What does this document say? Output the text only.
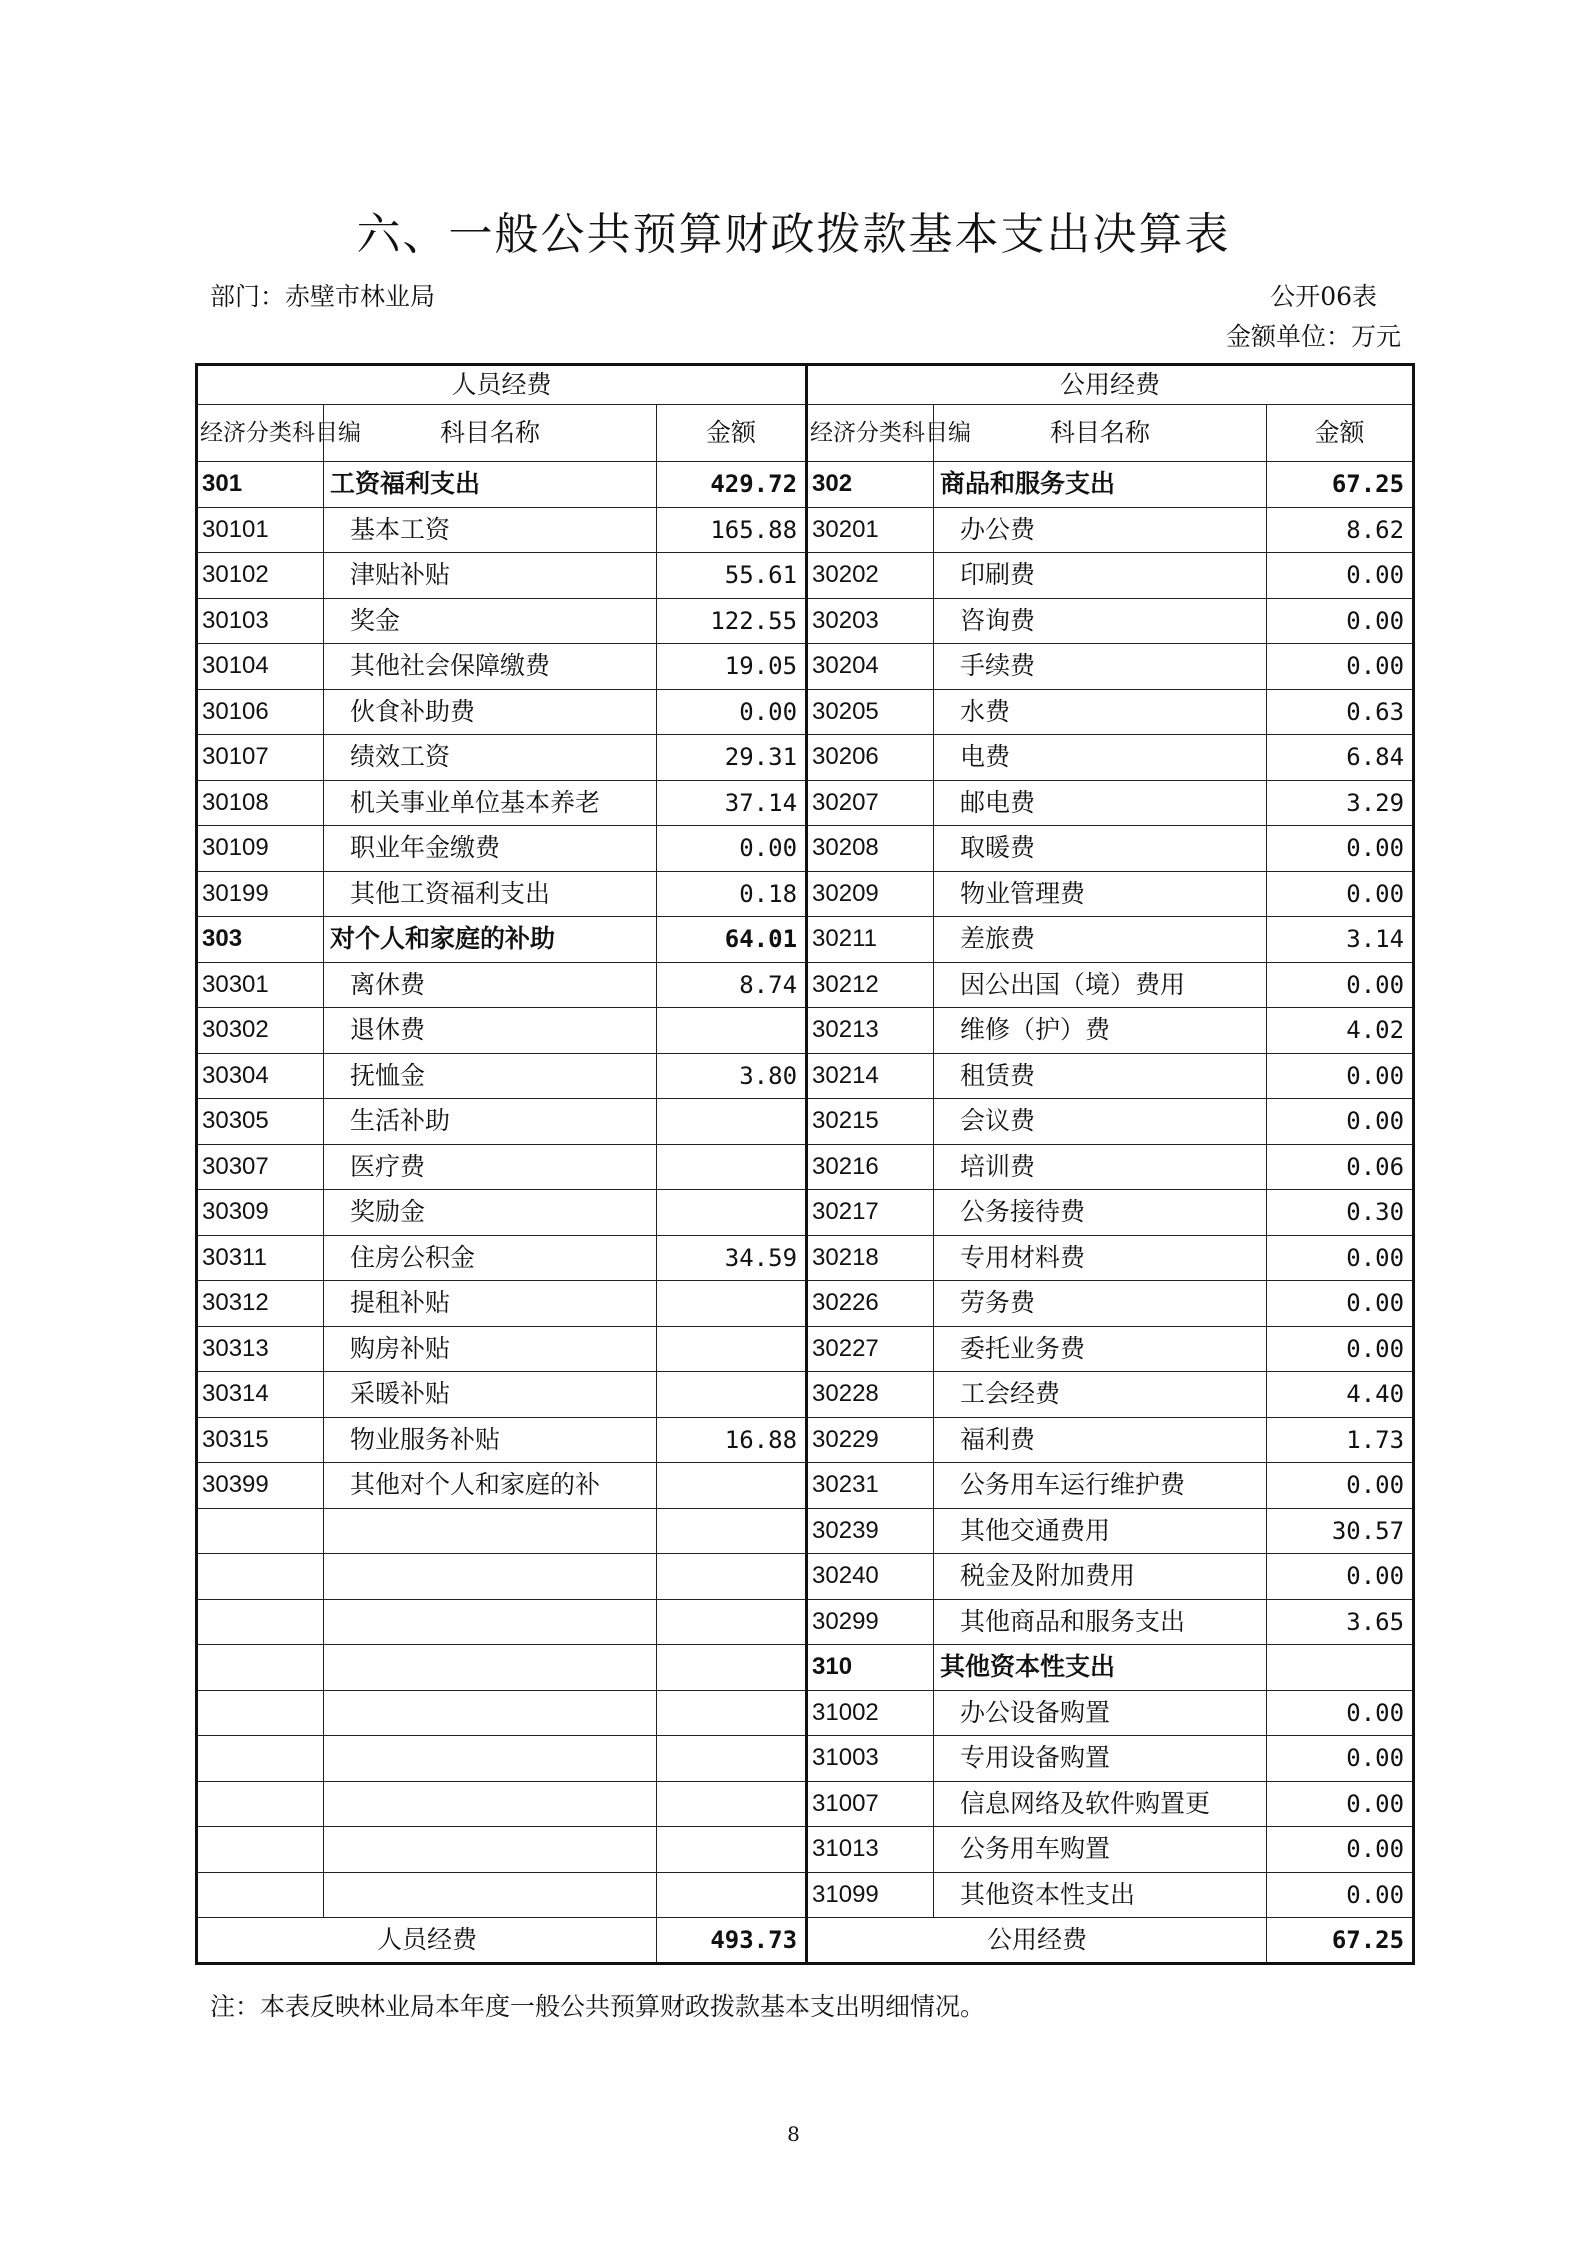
六、一般公共预算财政拨款基本支出决算表
部门：赤壁市林业局	公开06表
金额单位：万元
人员经费			公用经费		
经济分类科目编	科目名称	金额	经济分类科目编	科目名称	金额
301	工资福利支出	429.72	302	商品和服务支出	67.25
30101	基本工资	165.88	30201	办公费	8.62
30102	津贴补贴	55.61	30202	印刷费	0.00
30103	奖金	122.55	30203	咨询费	0.00
30104	其他社会保障缴费	19.05	30204	手续费	0.00
30106	伙食补助费	0.00	30205	水费	0.63
30107	绩效工资	29.31	30206	电费	6.84
30108	机关事业单位基本养老	37.14	30207	邮电费	3.29
30109	职业年金缴费	0.00	30208	取暖费	0.00
30199	其他工资福利支出	0.18	30209	物业管理费	0.00
303	对个人和家庭的补助	64.01	30211	差旅费	3.14
30301	离休费	8.74	30212	因公出国（境）费用	0.00
30302	退休费		30213	维修（护）费	4.02
30304	抚恤金	3.80	30214	租赁费	0.00
30305	生活补助		30215	会议费	0.00
30307	医疗费		30216	培训费	0.06
30309	奖励金		30217	公务接待费	0.30
30311	住房公积金	34.59	30218	专用材料费	0.00
30312	提租补贴		30226	劳务费	0.00
30313	购房补贴		30227	委托业务费	0.00
30314	采暖补贴		30228	工会经费	4.40
30315	物业服务补贴	16.88	30229	福利费	1.73
30399	其他对个人和家庭的补		30231	公务用车运行维护费	0.00
			30239	其他交通费用	30.57
			30240	税金及附加费用	0.00
			30299	其他商品和服务支出	3.65
			310	其他资本性支出	
			31002	办公设备购置	0.00
			31003	专用设备购置	0.00
			31007	信息网络及软件购置更	0.00
			31013	公务用车购置	0.00
			31099	其他资本性支出	0.00
人员经费		493.73	公用经费		67.25
注：本表反映林业局本年度一般公共预算财政拨款基本支出明细情况。
8
